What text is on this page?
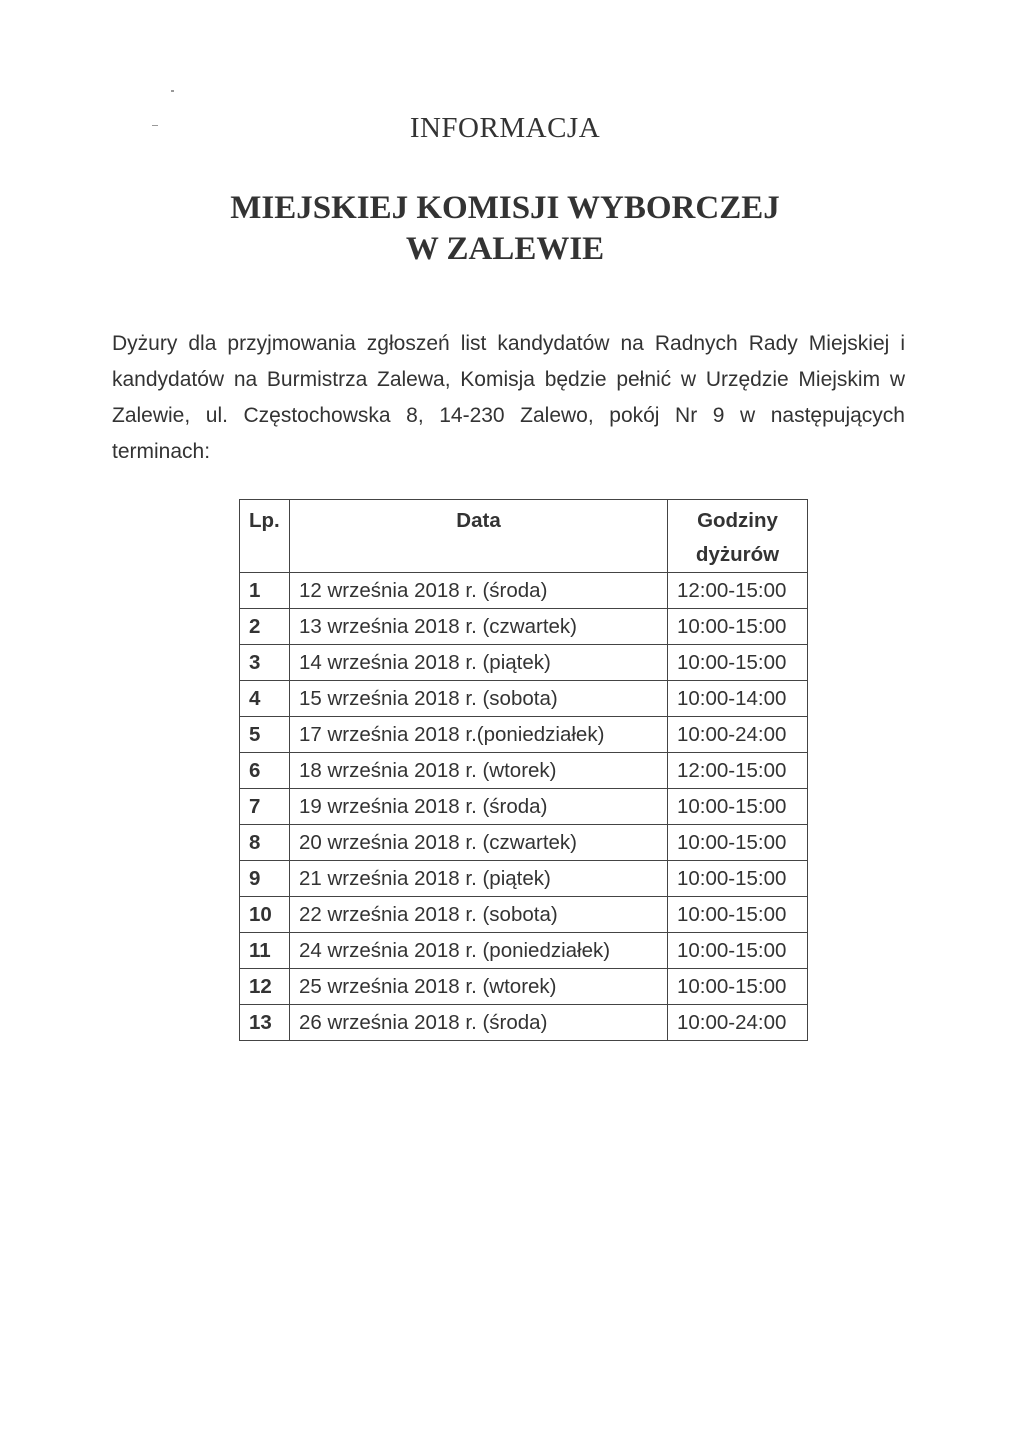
INFORMACJA
MIEJSKIEJ KOMISJI WYBORCZEJ
W ZALEWIE
Dyżury dla przyjmowania zgłoszeń list kandydatów na Radnych Rady Miejskiej i kandydatów na Burmistrza Zalewa, Komisja będzie pełnić w Urzędzie Miejskim w Zalewie, ul. Częstochowska 8, 14-230 Zalewo, pokój Nr 9 w następujących terminach:
Lp.	Data	Godziny
dyżurów

1	12 września 2018 r. (środa)	12:00-15:00
2	13 września 2018 r. (czwartek)	10:00-15:00
3	14 września 2018 r. (piątek)	10:00-15:00
4	15 września 2018 r. (sobota)	10:00-14:00
5	17 września 2018 r.(poniedziałek)	10:00-24:00
6	18 września 2018 r. (wtorek)	12:00-15:00
7	19 września 2018 r. (środa)	10:00-15:00
8	20 września 2018 r. (czwartek)	10:00-15:00
9	21 września 2018 r. (piątek)	10:00-15:00
10	22 września 2018 r. (sobota)	10:00-15:00
11	24 września 2018 r. (poniedziałek)	10:00-15:00
12	25 września 2018 r. (wtorek)	10:00-15:00
13	26 września 2018 r. (środa)	10:00-24:00
